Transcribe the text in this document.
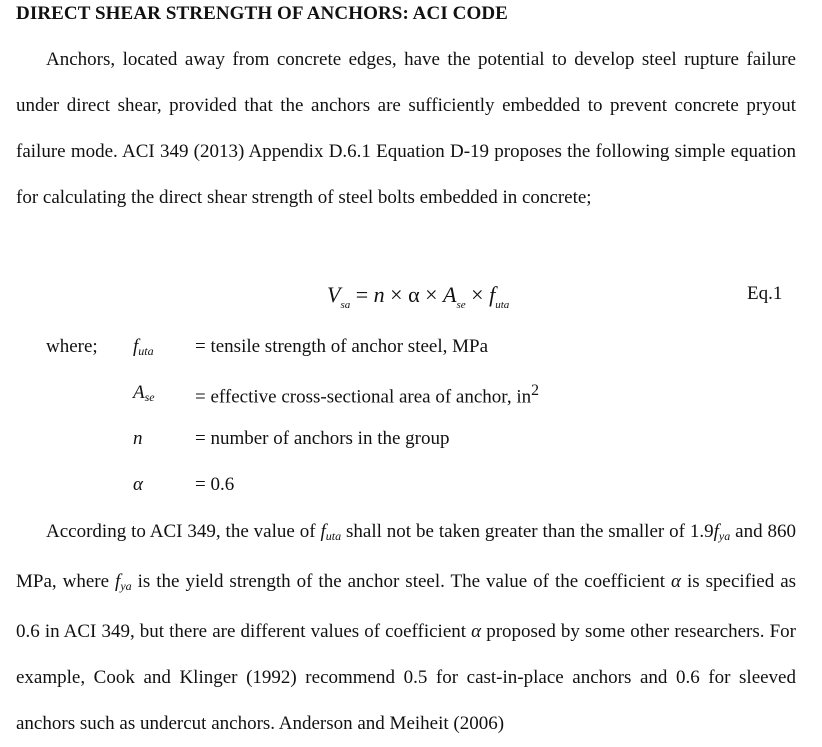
DIRECT SHEAR STRENGTH OF ANCHORS: ACI CODE

Anchors, located away from concrete edges, have the potential to develop steel rupture failure under direct shear, provided that the anchors are sufficiently embedded to prevent concrete pryout failure mode. ACI 349 (2013) Appendix D.6.1 Equation D-19 proposes the following simple equation for calculating the direct shear strength of steel bolts embedded in concrete;

$V_{sa} = n \times \alpha \times A_{se} \times f_{uta}$
Eq.1
where; $f_{uta}$ = tensile strength of anchor steel, MPa
$A_{se}$ = effective cross-sectional area of anchor, $in^2$
n	= number of anchors in the group
α	= 0.6

According to ACI 349, the value of $f_{uta}$ shall not be taken greater than the smaller of $1.9f_{ya}$ and 860 MPa, where $f_{ya}$ is the yield strength of the anchor steel. The value of the coefficient α is specified as 0.6 in ACI 349, but there are different values of coefficient α proposed by some other researchers. For example, Cook and Klinger (1992) recommend 0.5 for cast-in-place anchors and 0.6 for sleeved anchors such as undercut anchors. Anderson and Meiheit (2006)
